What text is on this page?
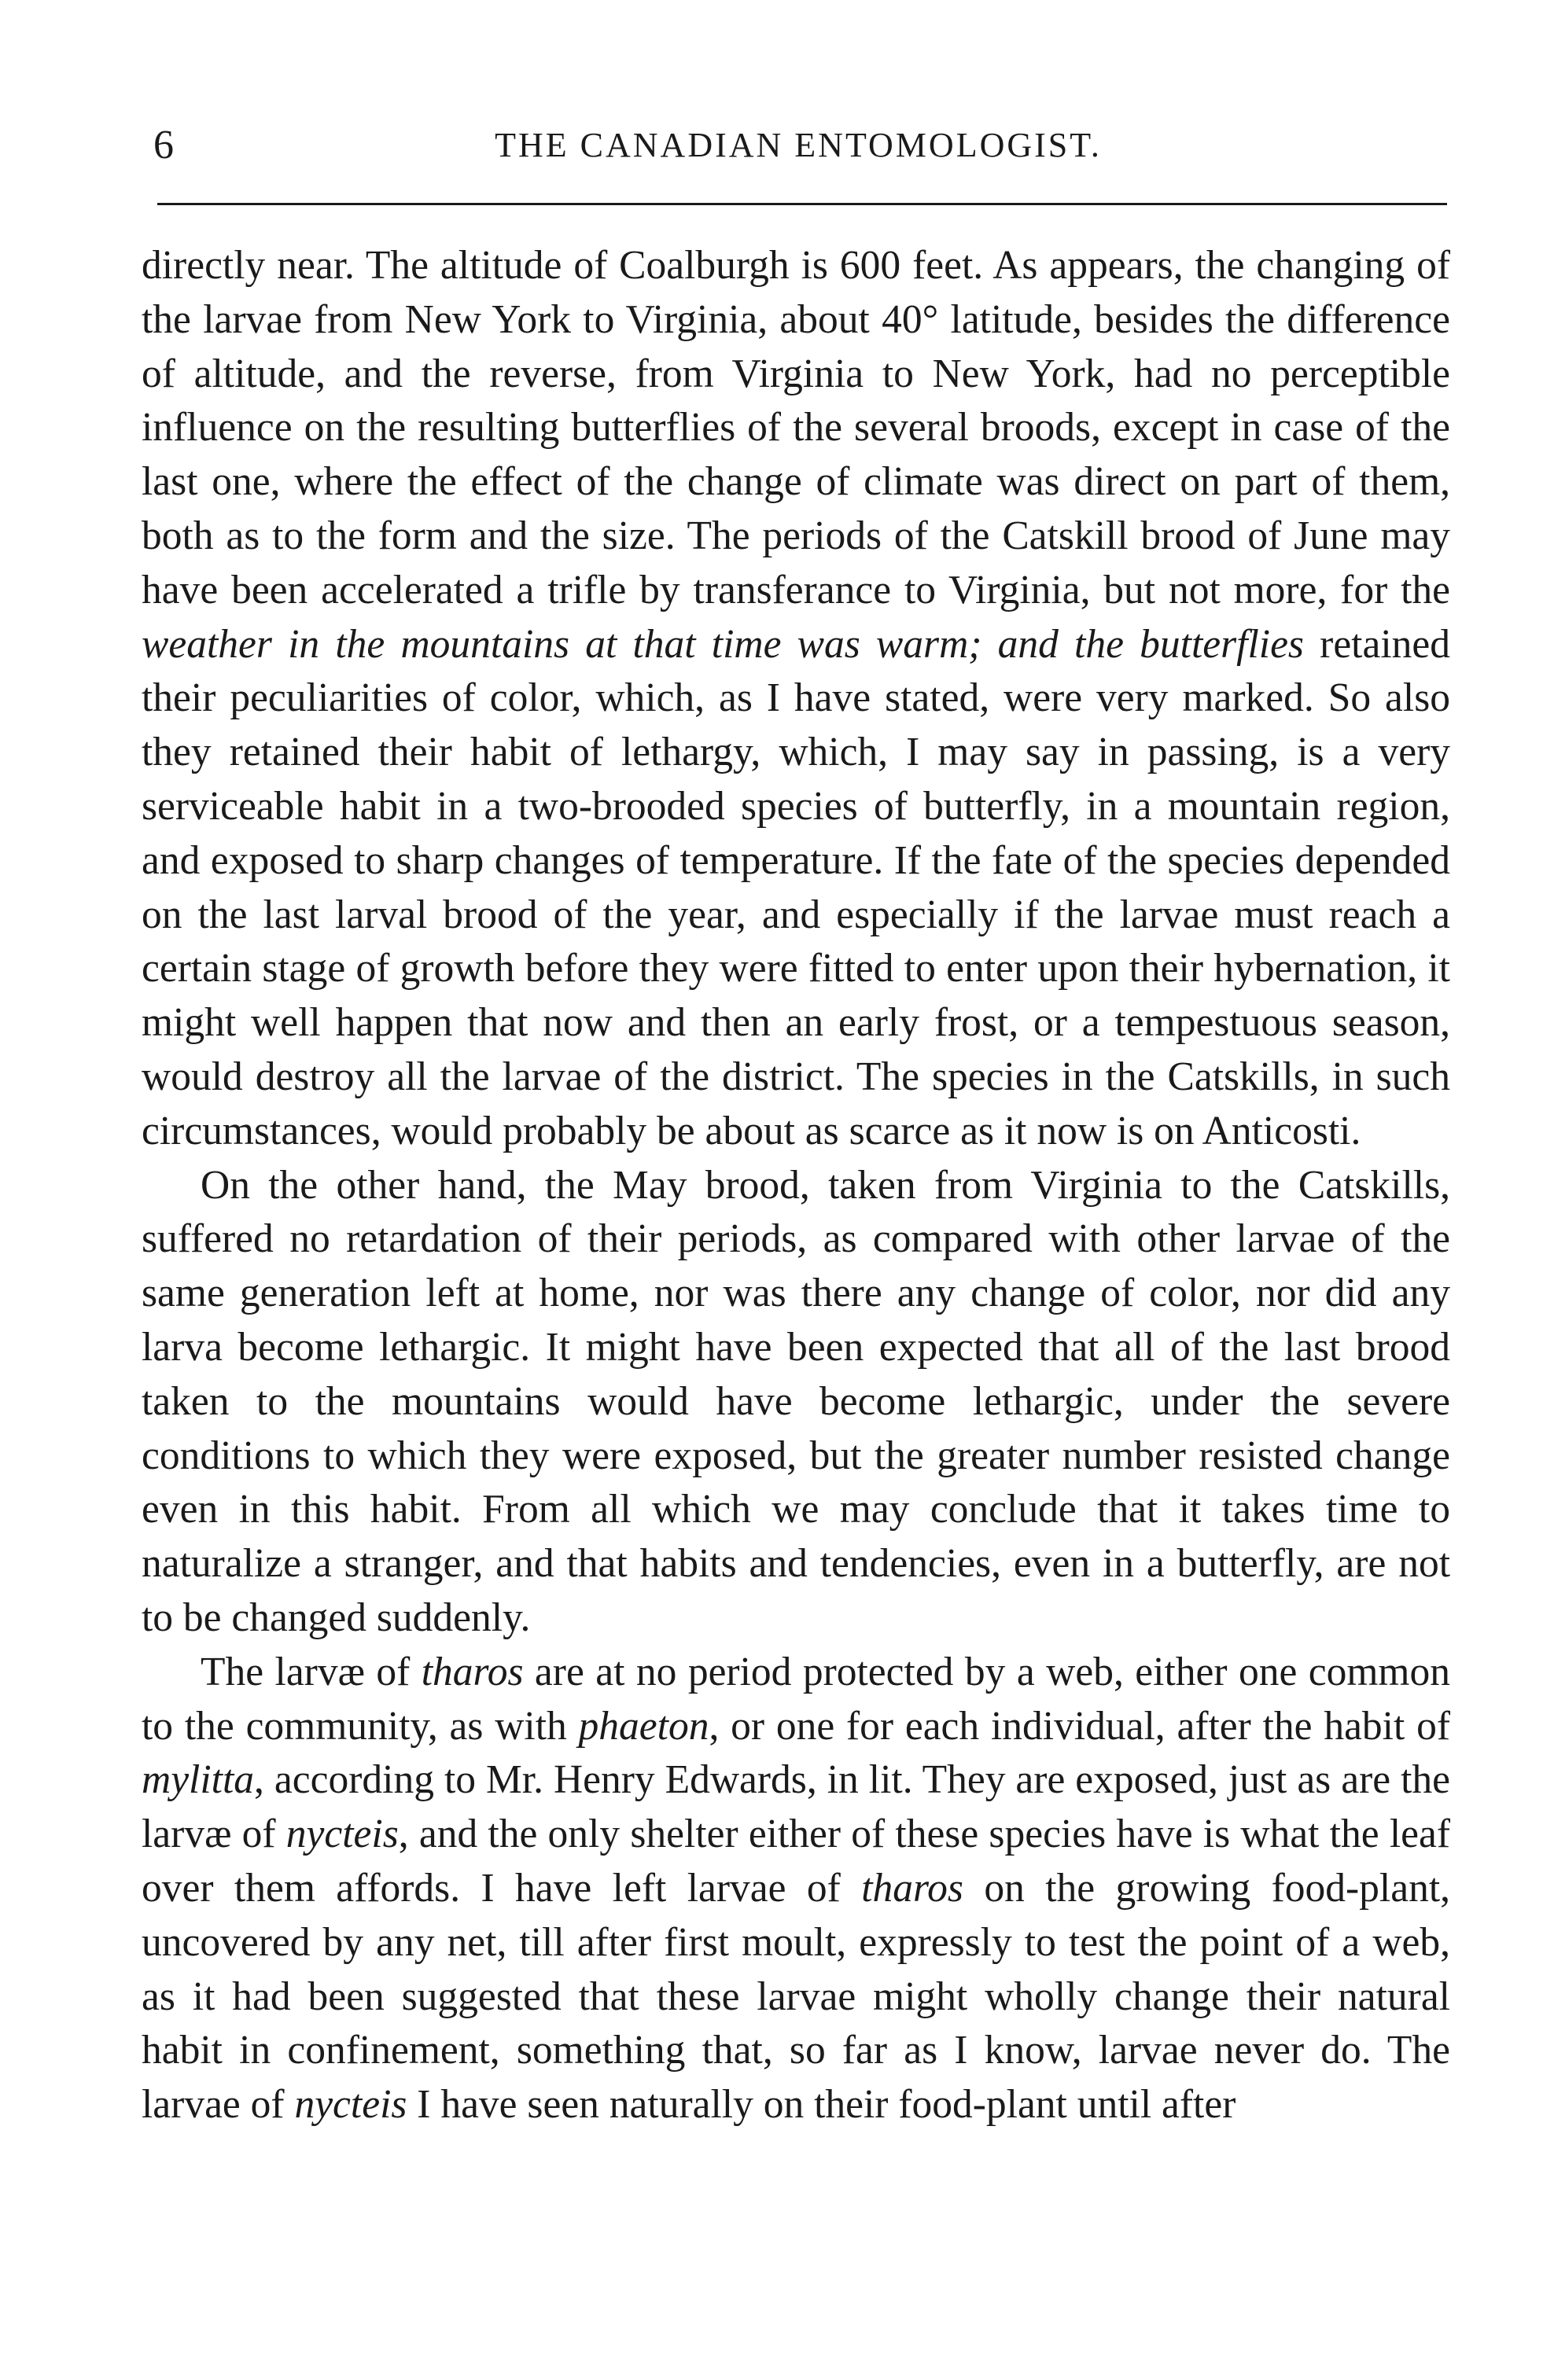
6	THE CANADIAN ENTOMOLOGIST.

directly near. The altitude of Coalburgh is 600 feet. As appears, the changing of the larvae from New York to Virginia, about 40° latitude, besides the difference of altitude, and the reverse, from Virginia to New York, had no perceptible influence on the resulting butterflies of the several broods, except in case of the last one, where the effect of the change of climate was direct on part of them, both as to the form and the size. The periods of the Catskill brood of June may have been accelerated a trifle by transferance to Virginia, but not more, for the weather in the mountains at that time was warm; and the butterflies retained their peculiarities of color, which, as I have stated, were very marked. So also they retained their habit of lethargy, which, I may say in passing, is a very serviceable habit in a two-brooded species of butterfly, in a mountain region, and exposed to sharp changes of temperature. If the fate of the species depended on the last larval brood of the year, and especially if the larvae must reach a certain stage of growth before they were fitted to enter upon their hybernation, it might well happen that now and then an early frost, or a tempestuous season, would destroy all the larvae of the district. The species in the Catskills, in such circumstances, would probably be about as scarce as it now is on Anticosti.

On the other hand, the May brood, taken from Virginia to the Catskills, suffered no retardation of their periods, as compared with other larvae of the same generation left at home, nor was there any change of color, nor did any larva become lethargic. It might have been expected that all of the last brood taken to the mountains would have become lethargic, under the severe conditions to which they were exposed, but the greater number resisted change even in this habit. From all which we may conclude that it takes time to naturalize a stranger, and that habits and tendencies, even in a butterfly, are not to be changed suddenly.

The larvæ of tharos are at no period protected by a web, either one common to the community, as with phaeton, or one for each individual, after the habit of mylitta, according to Mr. Henry Edwards, in lit. They are exposed, just as are the larvæ of nycteis, and the only shelter either of these species have is what the leaf over them affords. I have left larvae of tharos on the growing food-plant, uncovered by any net, till after first moult, expressly to test the point of a web, as it had been suggested that these larvae might wholly change their natural habit in confinement, something that, so far as I know, larvae never do. The larvae of nycteis I have seen naturally on their food-plant until after
